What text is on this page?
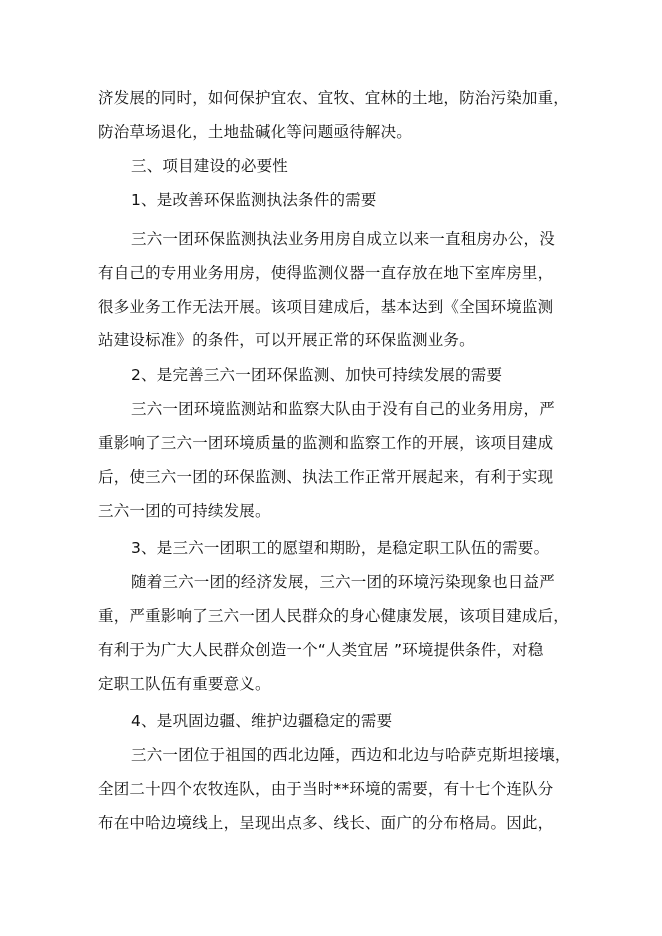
济发展的同时，如何保护宜农、宜牧、宜林的土地，防治污染加重，
防治草场退化，土地盐碱化等问题亟待解决。
三、项目建设的必要性
1、是改善环保监测执法条件的需要
三六一团环保监测执法业务用房自成立以来一直租房办公，没
有自己的专用业务用房，使得监测仪器一直存放在地下室库房里，
很多业务工作无法开展。该项目建成后，基本达到《全国环境监测
站建设标准》的条件，可以开展正常的环保监测业务。
2、是完善三六一团环保监测、加快可持续发展的需要
三六一团环境监测站和监察大队由于没有自己的业务用房，严
重影响了三六一团环境质量的监测和监察工作的开展，该项目建成
后，使三六一团的环保监测、执法工作正常开展起来，有利于实现
三六一团的可持续发展。
3、是三六一团职工的愿望和期盼，是稳定职工队伍的需要。
随着三六一团的经济发展，三六一团的环境污染现象也日益严
重，严重影响了三六一团人民群众的身心健康发展，该项目建成后，
有利于为广大人民群众创造一个“人类宜居 ”环境提供条件，对稳
定职工队伍有重要意义。
4、是巩固边疆、维护边疆稳定的需要
三六一团位于祖国的西北边陲，西边和北边与哈萨克斯坦接壤，
全团二十四个农牧连队，由于当时**环境的需要，有十七个连队分
布在中哈边境线上，呈现出点多、线长、面广的分布格局。因此，
